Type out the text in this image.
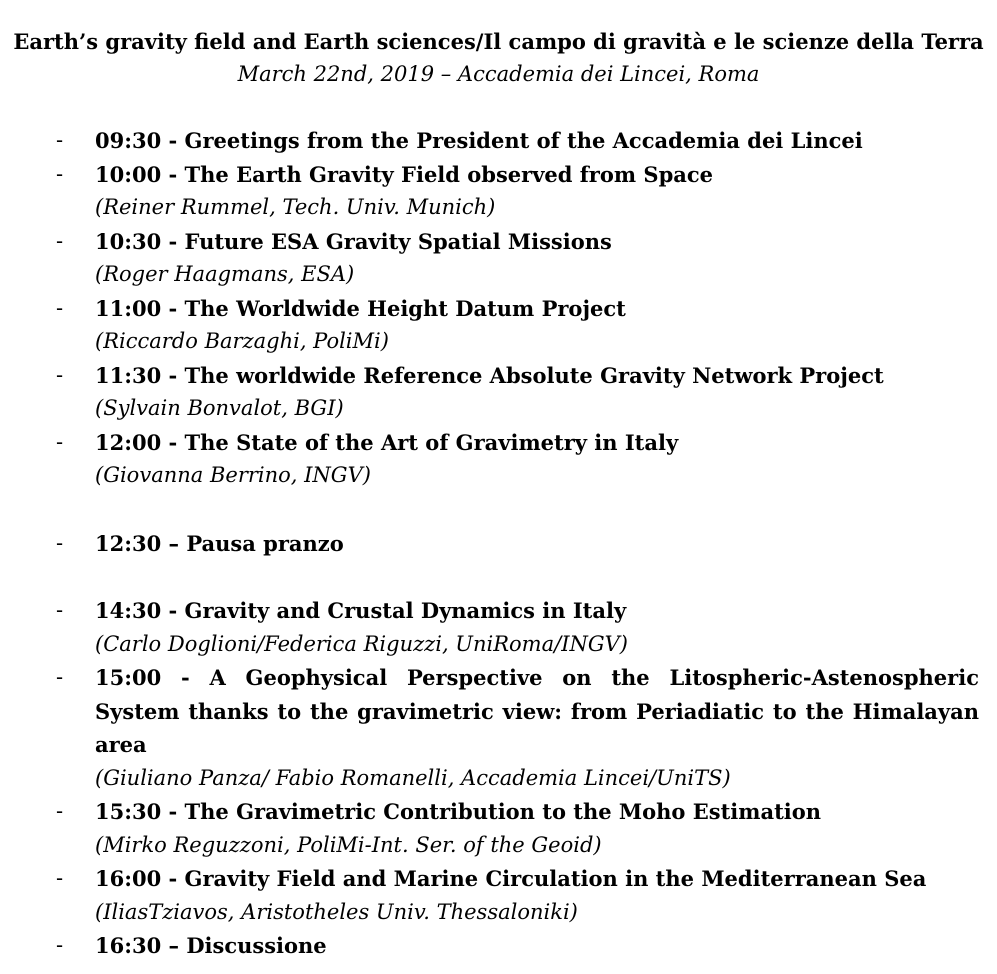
Earth’s gravity field and Earth sciences/Il campo di gravità e le scienze della Terra
March 22nd, 2019 – Accademia dei Lincei, Roma
- 09:30 - Greetings from the President of the Accademia dei Lincei
- 10:00 - The Earth Gravity Field observed from Space
(Reiner Rummel, Tech. Univ. Munich)
- 10:30 - Future ESA Gravity Spatial Missions
(Roger Haagmans, ESA)
- 11:00 - The Worldwide Height Datum Project
(Riccardo Barzaghi, PoliMi)
- 11:30 - The worldwide Reference Absolute Gravity Network Project
(Sylvain Bonvalot, BGI)
- 12:00 - The State of the Art of Gravimetry in Italy
(Giovanna Berrino, INGV)
- 12:30 – Pausa pranzo
- 14:30 - Gravity and Crustal Dynamics in Italy
(Carlo Doglioni/Federica Riguzzi, UniRoma/INGV)
- 15:00 - A Geophysical Perspective on the Litospheric-Astenospheric System thanks to the gravimetric view: from Periadiatic to the Himalayan area
(Giuliano Panza/ Fabio Romanelli, Accademia Lincei/UniTS)
- 15:30 - The Gravimetric Contribution to the Moho Estimation
(Mirko Reguzzoni, PoliMi-Int. Ser. of the Geoid)
- 16:00 - Gravity Field and Marine Circulation in the Mediterranean Sea
(IliasTziavos, Aristotheles Univ. Thessaloniki)
- 16:30 – Discussione
